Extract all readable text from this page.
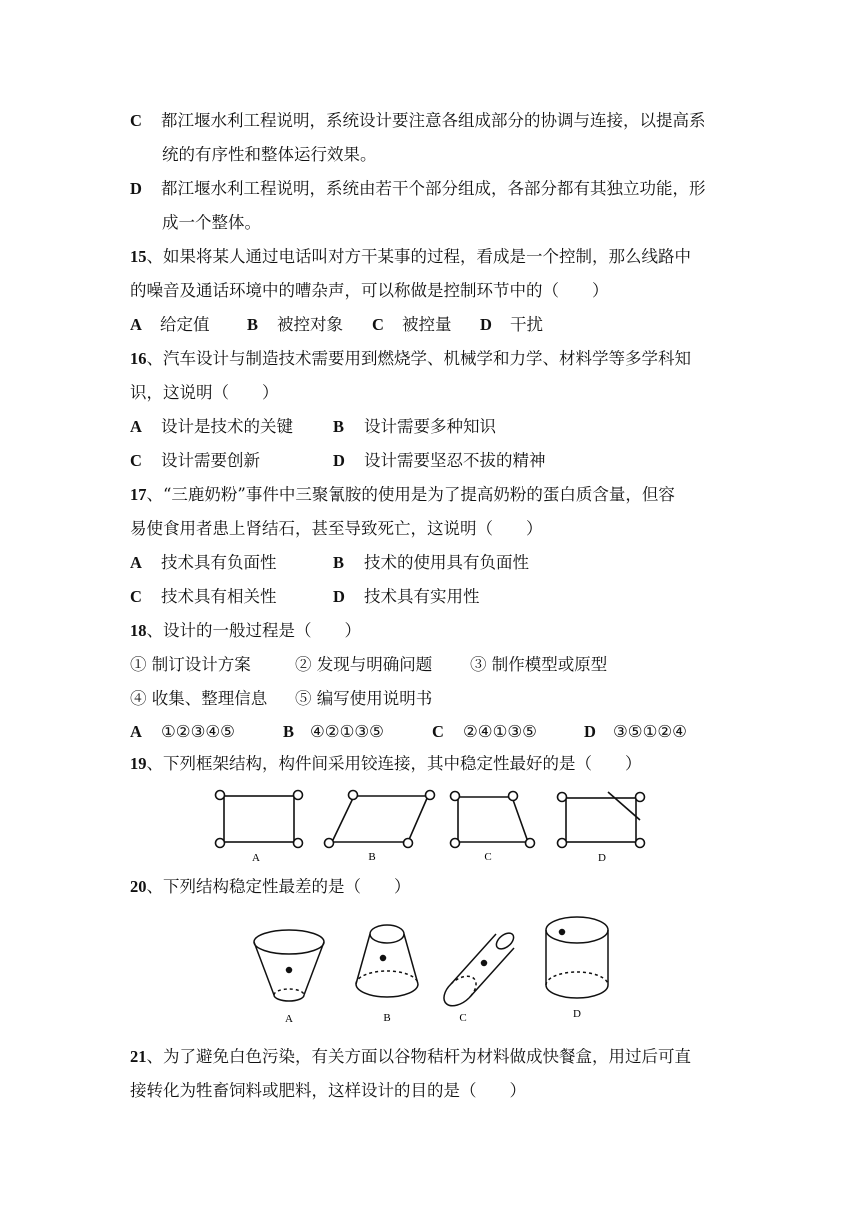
C 都江堰水利工程说明，系统设计要注意各组成部分的协调与连接，以提高系
统的有序性和整体运行效果。
D 都江堰水利工程说明，系统由若干个部分组成，各部分都有其独立功能，形
成一个整体。
15、如果将某人通过电话叫对方干某事的过程，看成是一个控制，那么线路中
的噪音及通话环境中的嘈杂声，可以称做是控制环节中的（　　）
A 给定值 B 被控对象 C 被控量 D 干扰
16、汽车设计与制造技术需要用到燃烧学、机械学和力学、材料学等多学科知
识，这说明（　　）
A 设计是技术的关键 B 设计需要多种知识
C 设计需要创新	D 设计需要坚忍不拔的精神
17、“三鹿奶粉”事件中三聚氰胺的使用是为了提高奶粉的蛋白质含量，但容
易使食用者患上肾结石，甚至导致死亡，这说明（　　）
A 技术具有负面性	B 技术的使用具有负面性
C 技术具有相关性	D 技术具有实用性
18、设计的一般过程是（　　）
① 制订设计方案	② 发现与明确问题 ③ 制作模型或原型
④ 收集、整理信息 ⑤ 编写使用说明书
A ①②③④⑤	B ④②①③⑤	C ②④①③⑤	D ③⑤①②④
19、下列框架结构，构件间采用铰连接，其中稳定性最好的是（　　）
A	B	C	D
20、下列结构稳定性最差的是（　　）
A	B	C	D
21、为了避免白色污染，有关方面以谷物秸杆为材料做成快餐盒，用过后可直
接转化为牲畜饲料或肥料，这样设计的目的是（　　）
